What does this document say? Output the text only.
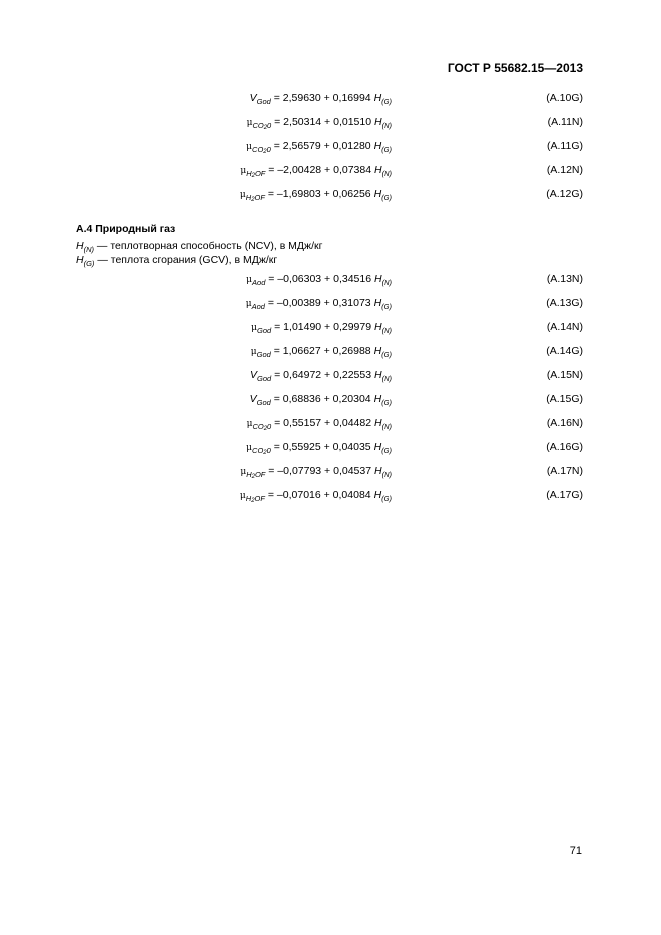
ГОСТ Р 55682.15—2013
$V_{God} = 2,59630 + 0,16994$ $H_{(G)}$	(A.10G)
$\mu_{CO_20} = 2,50314 + 0,01510$ $H_{(N)}$	(A.11N)
$\mu_{CO_20} = 2,56579 + 0,01280$ $H_{(G)}$	(A.11G)
$\mu_{H_2OF} = -2,00428 + 0,07384$ $H_{(N)}$	(A.12N)
$\mu_{H_2OF} = -1,69803 + 0,06256$ $H_{(G)}$	(A.12G)
А.4 Природный газ
$H_{(N)}$ — теплотворная способность (NCV), в МДж/кг
$H_{(G)}$ — теплота сгорания (GCV), в МДж/кг
$\mu_{Aod} = -0,06303 + 0,34516$ $H_{(N)}$	(A.13N)
$\mu_{Aod} = -0,00389 + 0,31073$ $H_{(G)}$	(A.13G)
$\mu_{God} = 1,01490 + 0,29979$ $H_{(N)}$	(A.14N)
$\mu_{God} = 1,06627 + 0,26988$ $H_{(G)}$	(A.14G)
$V_{God} = 0,64972 + 0,22553$ $H_{(N)}$	(A.15N)
$V_{God} = 0,68836 + 0,20304$ $H_{(G)}$	(A.15G)
$\mu_{CO_20} = 0,55157 + 0,04482$ $H_{(N)}$	(A.16N)
$\mu_{CO_20} = 0,55925 + 0,04035$ $H_{(G)}$	(A.16G)
$\mu_{H_2OF} = -0,07793 + 0,04537$ $H_{(N)}$	(A.17N)
$\mu_{H_2OF} = -0,07016 + 0,04084$ $H_{(G)}$	(A.17G)
71
